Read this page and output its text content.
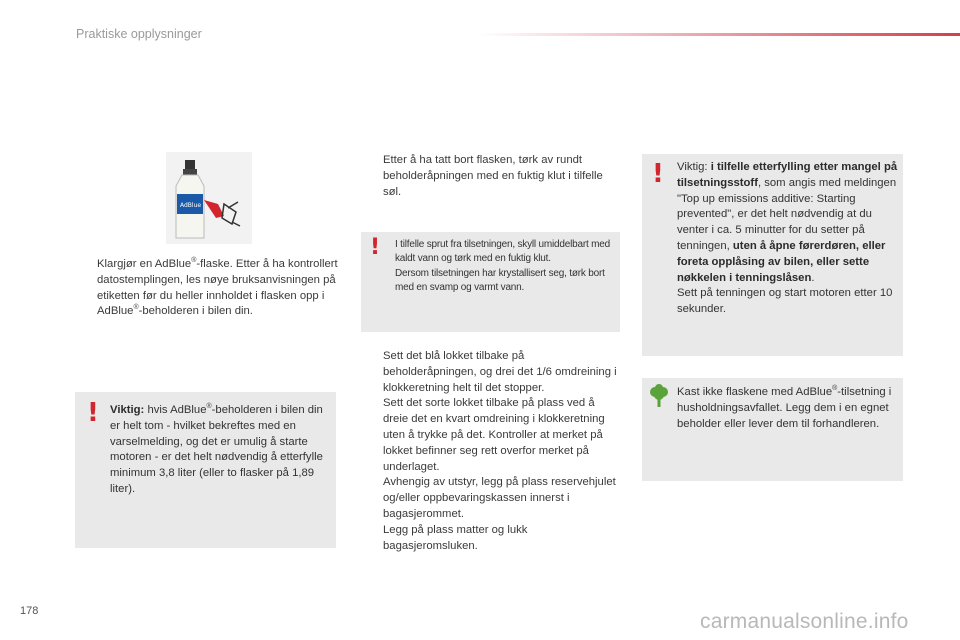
Praktiske opplysninger
AdBlue

Klargjør en AdBlue®-flaske. Etter å ha kontrollert datostemplingen, les nøye bruksanvisningen på etiketten før du heller innholdet i flasken opp i AdBlue®-beholderen i bilen din.

! Viktig: hvis AdBlue®-beholderen i bilen din er helt tom - hvilket bekreftes med en varselmelding, og det er umulig å starte motoren - er det helt nødvendig å etterfylle minimum 3,8 liter (eller to flasker på 1,89 liter).

Etter å ha tatt bort flasken, tørk av rundt beholderåpningen med en fuktig klut i tilfelle søl.

! I tilfelle sprut fra tilsetningen, skyll umiddelbart med kaldt vann og tørk med en fuktig klut.
Dersom tilsetningen har krystallisert seg, tørk bort med en svamp og varmt vann.

Sett det blå lokket tilbake på beholderåpningen, og drei det 1/6 omdreining i klokkeretning helt til det stopper.

Sett det sorte lokket tilbake på plass ved å dreie det en kvart omdreining i klokkeretning uten å trykke på det. Kontroller at merket på lokket befinner seg rett overfor merket på underlaget.

Avhengig av utstyr, legg på plass reservehjulet og/eller oppbevaringskassen innerst i bagasjerommet.

Legg på plass matter og lukk bagasjeromsluken.

! Viktig: i tilfelle etterfylling etter mangel på tilsetningsstoff, som angis med meldingen "Top up emissions additive: Starting prevented", er det helt nødvendig at du venter i ca. 5 minutter for du setter på tenningen, uten å åpne førerdøren, eller foreta opplåsing av bilen, eller sette nøkkelen i tenningslåsen.
Sett på tenningen og start motoren etter 10 sekunder.
Kast ikke flaskene med AdBlue®-tilsetning i husholdningsavfallet. Legg dem i en egnet beholder eller lever dem til forhandleren.
178	carmanualsonline.info
